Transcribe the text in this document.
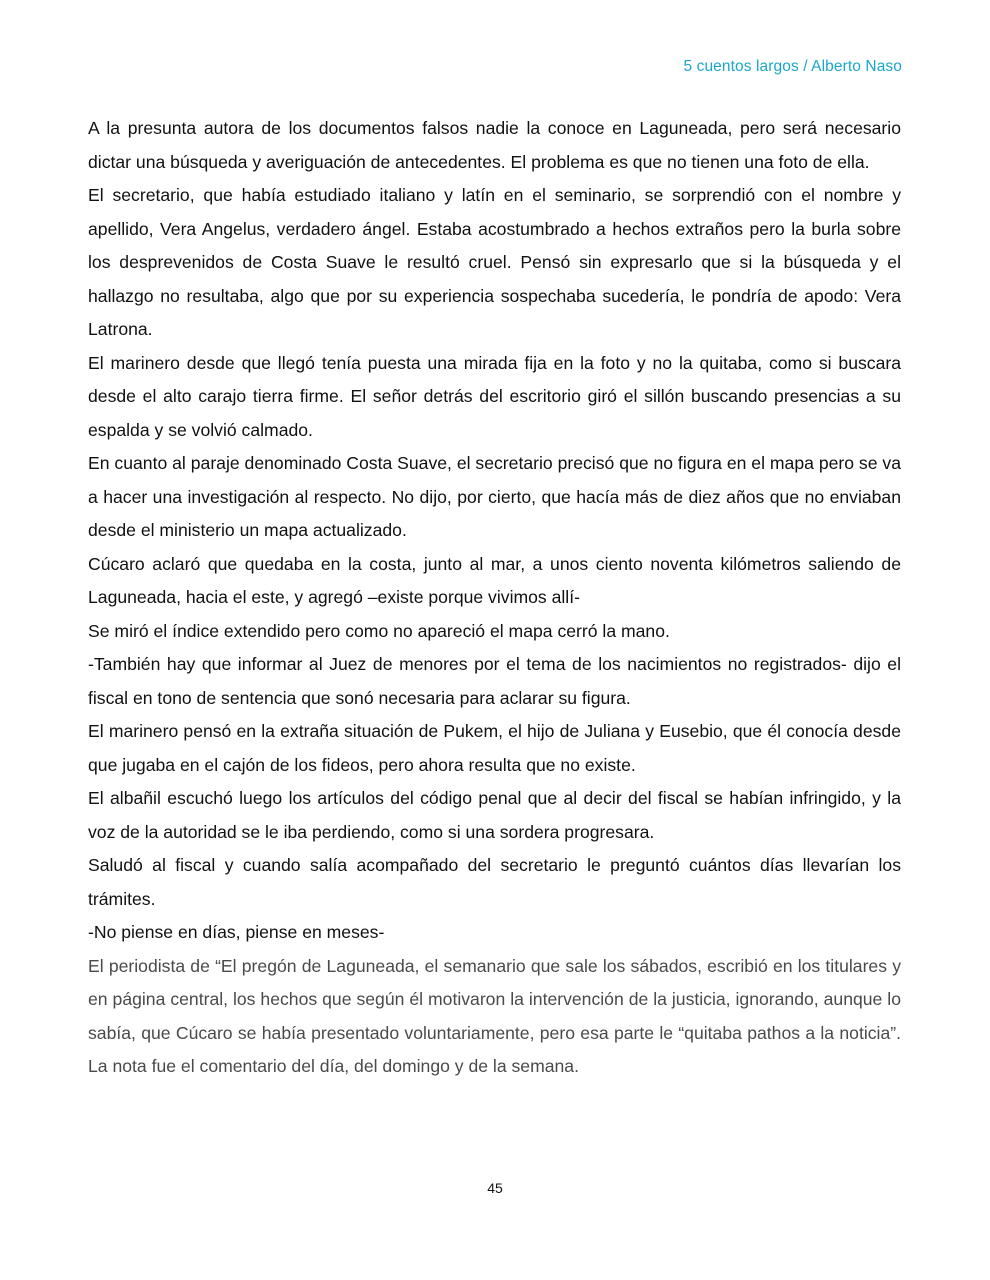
5 cuentos largos / Alberto Naso

A la presunta autora de los documentos falsos nadie la conoce en Laguneada, pero será necesario dictar una búsqueda y averiguación de antecedentes. El problema es que no tienen una foto de ella.

El secretario, que había estudiado italiano y latín en el seminario, se sorprendió con el nombre y apellido, Vera Angelus, verdadero ángel. Estaba acostumbrado a hechos extraños pero la burla sobre los desprevenidos de Costa Suave le resultó cruel. Pensó sin expresarlo que si la búsqueda y el hallazgo no resultaba, algo que por su experiencia sospechaba sucedería, le pondría de apodo: Vera Latrona.

El marinero desde que llegó tenía puesta una mirada fija en la foto y no la quitaba, como si buscara desde el alto carajo tierra firme. El señor detrás del escritorio giró el sillón buscando presencias a su espalda y se volvió calmado.

En cuanto al paraje denominado Costa Suave, el secretario precisó que no figura en el mapa pero se va a hacer una investigación al respecto. No dijo, por cierto, que hacía más de diez años que no enviaban desde el ministerio un mapa actualizado.

Cúcaro aclaró que quedaba en la costa, junto al mar, a unos ciento noventa kilómetros saliendo de Laguneada, hacia el este, y agregó –existe porque vivimos allí-

Se miró el índice extendido pero como no apareció el mapa cerró la mano.

-También hay que informar al Juez de menores por el tema de los nacimientos no registrados- dijo el fiscal en tono de sentencia que sonó necesaria para aclarar su figura.

El marinero pensó en la extraña situación de Pukem, el hijo de Juliana y Eusebio, que él conocía desde que jugaba en el cajón de los fideos, pero ahora resulta que no existe.

El albañil escuchó luego los artículos del código penal que al decir del fiscal se habían infringido, y la voz de la autoridad se le iba perdiendo, como si una sordera progresara.

Saludó al fiscal y cuando salía acompañado del secretario le preguntó cuántos días llevarían los trámites.

-No piense en días, piense en meses-

El periodista de “El pregón de Laguneada, el semanario que sale los sábados, escribió en los titulares y en página central, los hechos que según él motivaron la intervención de la justicia, ignorando, aunque lo sabía, que Cúcaro se había presentado voluntariamente, pero esa parte le “quitaba pathos a la noticia”. La nota fue el comentario del día, del domingo y de la semana.

45
